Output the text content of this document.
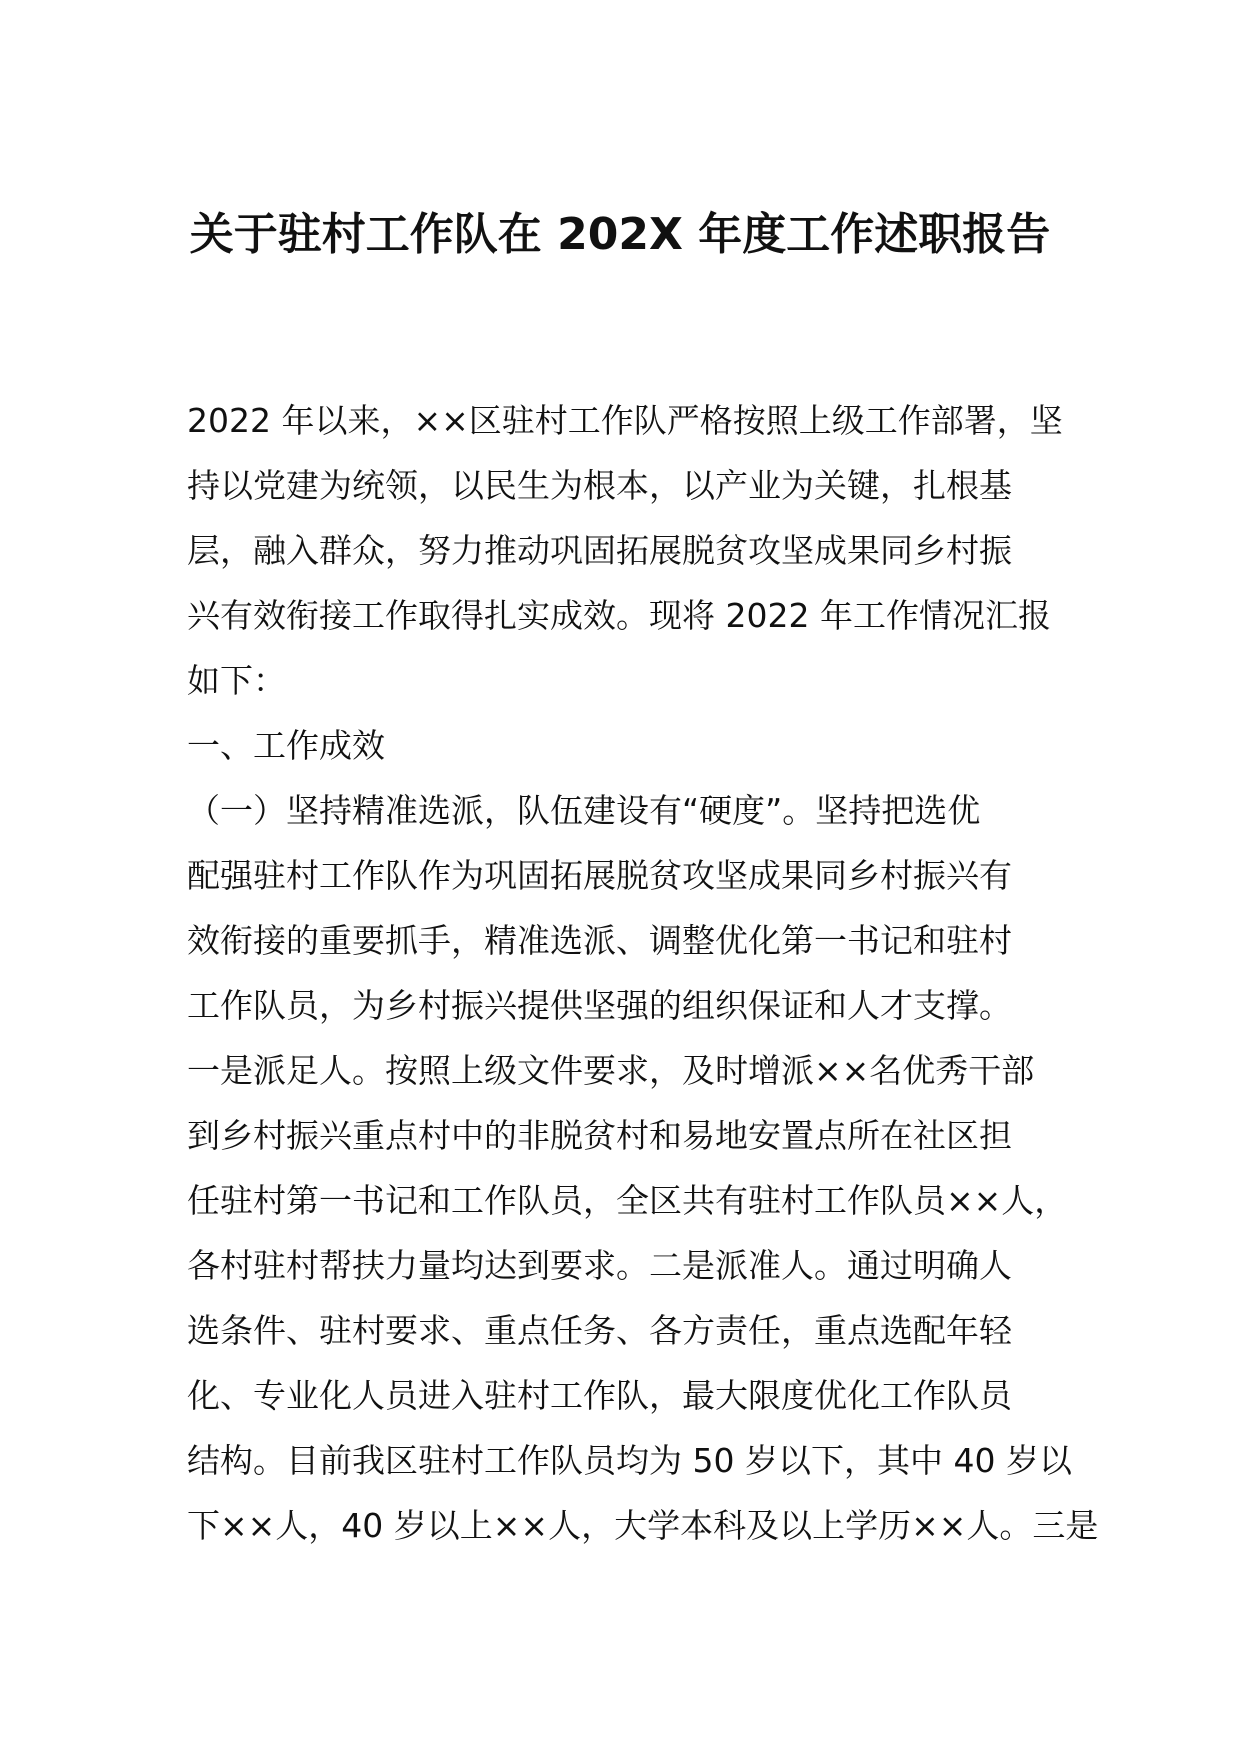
关于驻村工作队在 202X 年度工作述职报告
2022 年以来，××区驻村工作队严格按照上级工作部署，坚
持以党建为统领，以民生为根本，以产业为关键，扎根基
层，融入群众，努力推动巩固拓展脱贫攻坚成果同乡村振
兴有效衔接工作取得扎实成效。现将 2022 年工作情况汇报
如下：
一、工作成效
（一）坚持精准选派，队伍建设有“硬度”。坚持把选优
配强驻村工作队作为巩固拓展脱贫攻坚成果同乡村振兴有
效衔接的重要抓手，精准选派、调整优化第一书记和驻村
工作队员，为乡村振兴提供坚强的组织保证和人才支撑。
一是派足人。按照上级文件要求，及时增派××名优秀干部
到乡村振兴重点村中的非脱贫村和易地安置点所在社区担
任驻村第一书记和工作队员，全区共有驻村工作队员××人，
各村驻村帮扶力量均达到要求。二是派准人。通过明确人
选条件、驻村要求、重点任务、各方责任，重点选配年轻
化、专业化人员进入驻村工作队，最大限度优化工作队员
结构。目前我区驻村工作队员均为 50 岁以下，其中 40 岁以
下××人，40 岁以上××人，大学本科及以上学历××人。三是
